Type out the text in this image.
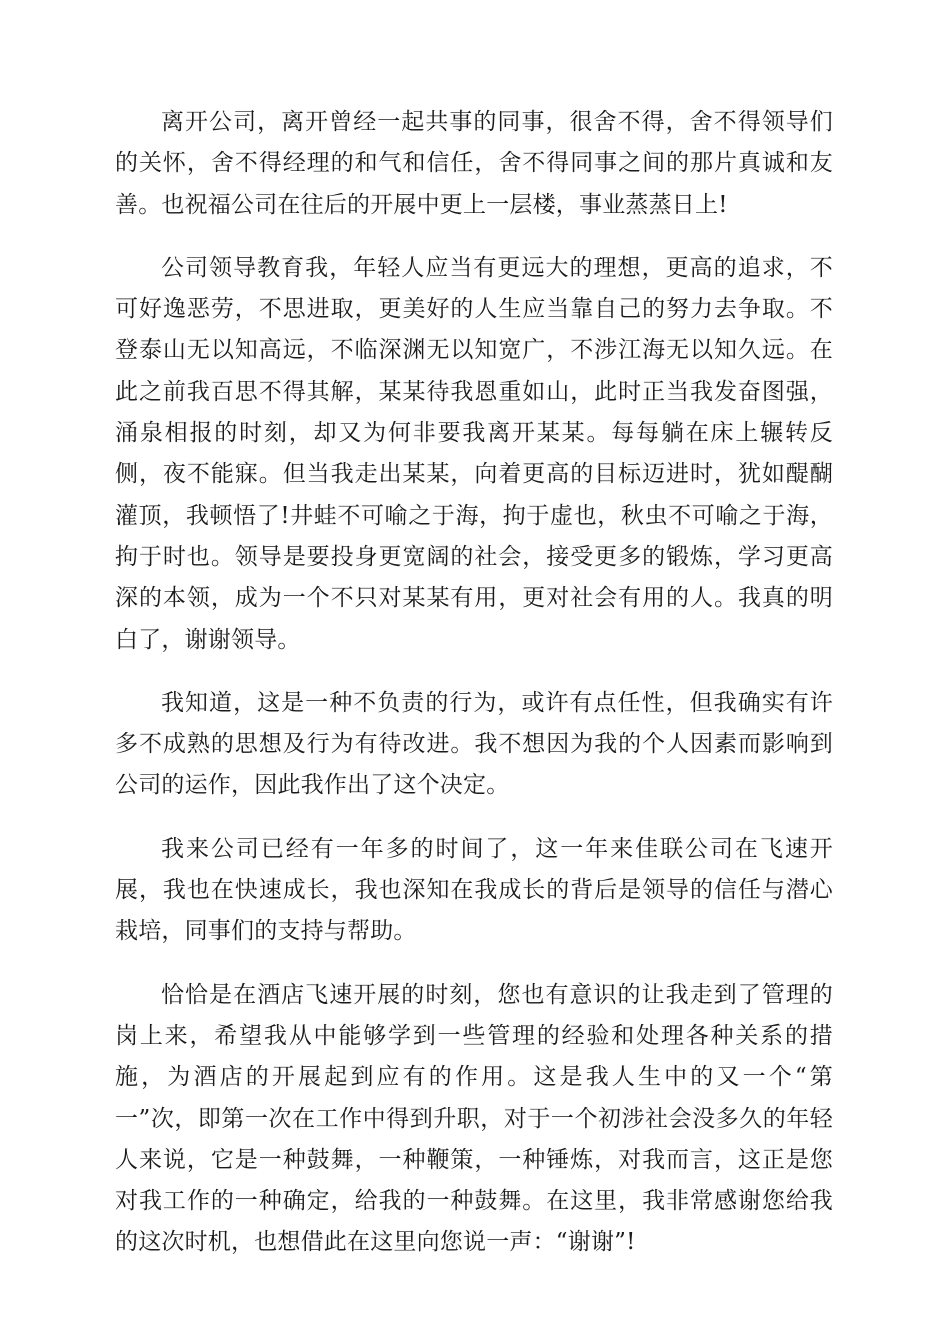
离开公司，离开曾经一起共事的同事，很舍不得，舍不得领导们的关怀，舍不得经理的和气和信任，舍不得同事之间的那片真诚和友善。也祝福公司在往后的开展中更上一层楼，事业蒸蒸日上!

公司领导教育我，年轻人应当有更远大的理想，更高的追求，不可好逸恶劳，不思进取，更美好的人生应当靠自己的努力去争取。不登泰山无以知高远，不临深渊无以知宽广，不涉江海无以知久远。在此之前我百思不得其解，某某待我恩重如山，此时正当我发奋图强，涌泉相报的时刻，却又为何非要我离开某某。每每躺在床上辗转反侧，夜不能寐。但当我走出某某，向着更高的目标迈进时，犹如醍醐灌顶，我顿悟了!井蛙不可喻之于海，拘于虚也，秋虫不可喻之于海，拘于时也。领导是要投身更宽阔的社会，接受更多的锻炼，学习更高深的本领，成为一个不只对某某有用，更对社会有用的人。我真的明白了，谢谢领导。

我知道，这是一种不负责的行为，或许有点任性，但我确实有许多不成熟的思想及行为有待改进。我不想因为我的个人因素而影响到公司的运作，因此我作出了这个决定。

我来公司已经有一年多的时间了，这一年来佳联公司在飞速开展，我也在快速成长，我也深知在我成长的背后是领导的信任与潜心栽培，同事们的支持与帮助。

恰恰是在酒店飞速开展的时刻，您也有意识的让我走到了管理的岗上来，希望我从中能够学到一些管理的经验和处理各种关系的措施，为酒店的开展起到应有的作用。这是我人生中的又一个“第一”次，即第一次在工作中得到升职，对于一个初涉社会没多久的年轻人来说，它是一种鼓舞，一种鞭策，一种锤炼，对我而言，这正是您对我工作的一种确定，给我的一种鼓舞。在这里，我非常感谢您给我的这次时机，也想借此在这里向您说一声：“谢谢”!
